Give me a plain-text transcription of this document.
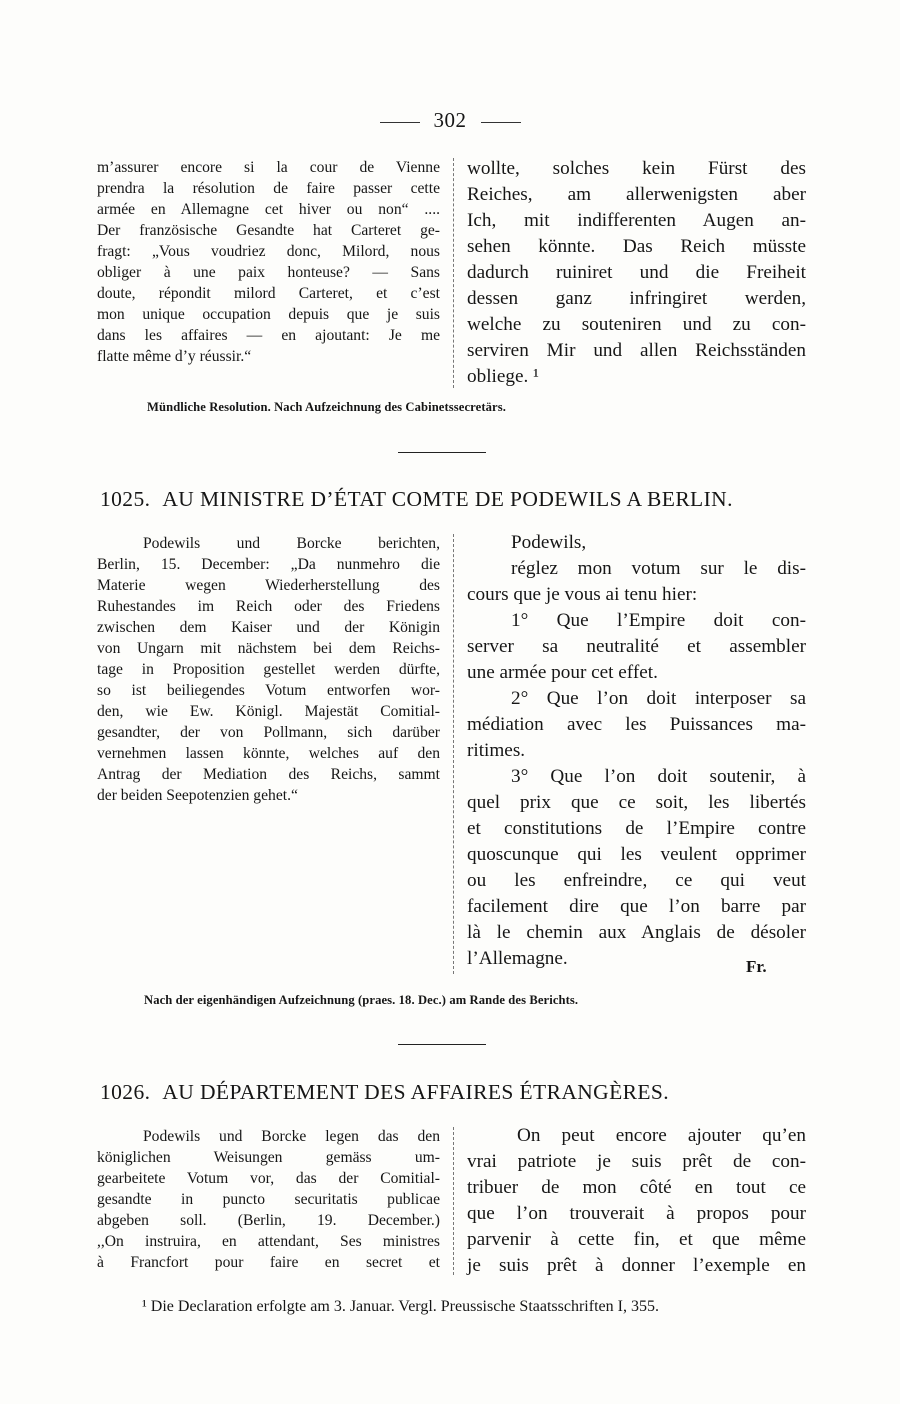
302

m’assurer encore si la cour de Vienne

prendra la résolution de faire passer cette

armée en Allemagne cet hiver ou non“ ....

Der französische Gesandte hat Carteret ge-

fragt: „Vous voudriez donc, Milord, nous

obliger à une paix honteuse? — Sans

doute, répondit milord Carteret, et c’est

mon unique occupation depuis que je suis

dans les affaires — en ajoutant: Je me

flatte même d’y réussir.“

wollte, solches kein Fürst des

Reiches, am allerwenigsten aber

Ich, mit indifferenten Augen an-

sehen könnte. Das Reich müsste

dadurch ruiniret und die Freiheit

dessen ganz infringiret werden,

welche zu souteniren und zu con-

serviren Mir und allen Reichsständen

obliege. ¹

Mündliche Resolution. Nach Aufzeichnung des Cabinetssecretärs.
1025. AU MINISTRE D’ÉTAT COMTE DE PODEWILS A BERLIN.

Podewils und Borcke berichten,

Berlin, 15. December: „Da nunmehro die

Materie wegen Wiederherstellung des

Ruhestandes im Reich oder des Friedens

zwischen dem Kaiser und der Königin

von Ungarn mit nächstem bei dem Reichs-

tage in Proposition gestellet werden dürfte,

so ist beiliegendes Votum entworfen wor-

den, wie Ew. Königl. Majestät Comitial-

gesandter, der von Pollmann, sich darüber

vernehmen lassen könnte, welches auf den

Antrag der Mediation des Reichs, sammt

der beiden Seepotenzien gehet.“

Podewils,

réglez mon votum sur le dis-

cours que je vous ai tenu hier:

1° Que l’Empire doit con-

server sa neutralité et assembler

une armée pour cet effet.

2° Que l’on doit interposer sa

médiation avec les Puissances ma-

ritimes.

3° Que l’on doit soutenir, à

quel prix que ce soit, les libertés

et constitutions de l’Empire contre

quoscunque qui les veulent opprimer

ou les enfreindre, ce qui veut

facilement dire que l’on barre par

là le chemin aux Anglais de désoler

l’Allemagne.	Fr.
Nach der eigenhändigen Aufzeichnung (praes. 18. Dec.) am Rande des Berichts.
1026. AU DÉPARTEMENT DES AFFAIRES ÉTRANGÈRES.

Podewils und Borcke legen das den

königlichen Weisungen gemäss um-

gearbeitete Votum vor, das der Comitial-

gesandte in puncto securitatis publicae

abgeben soll. (Berlin, 19. December.)

,,On instruira, en attendant, Ses ministres

à Francfort pour faire en secret et

On peut encore ajouter qu’en

vrai patriote je suis prêt de con-

tribuer de mon côté en tout ce

que l’on trouverait à propos pour

parvenir à cette fin, et que même

je suis prêt à donner l’exemple en

¹ Die Declaration erfolgte am 3. Januar. Vergl. Preussische Staatsschriften I, 355.
